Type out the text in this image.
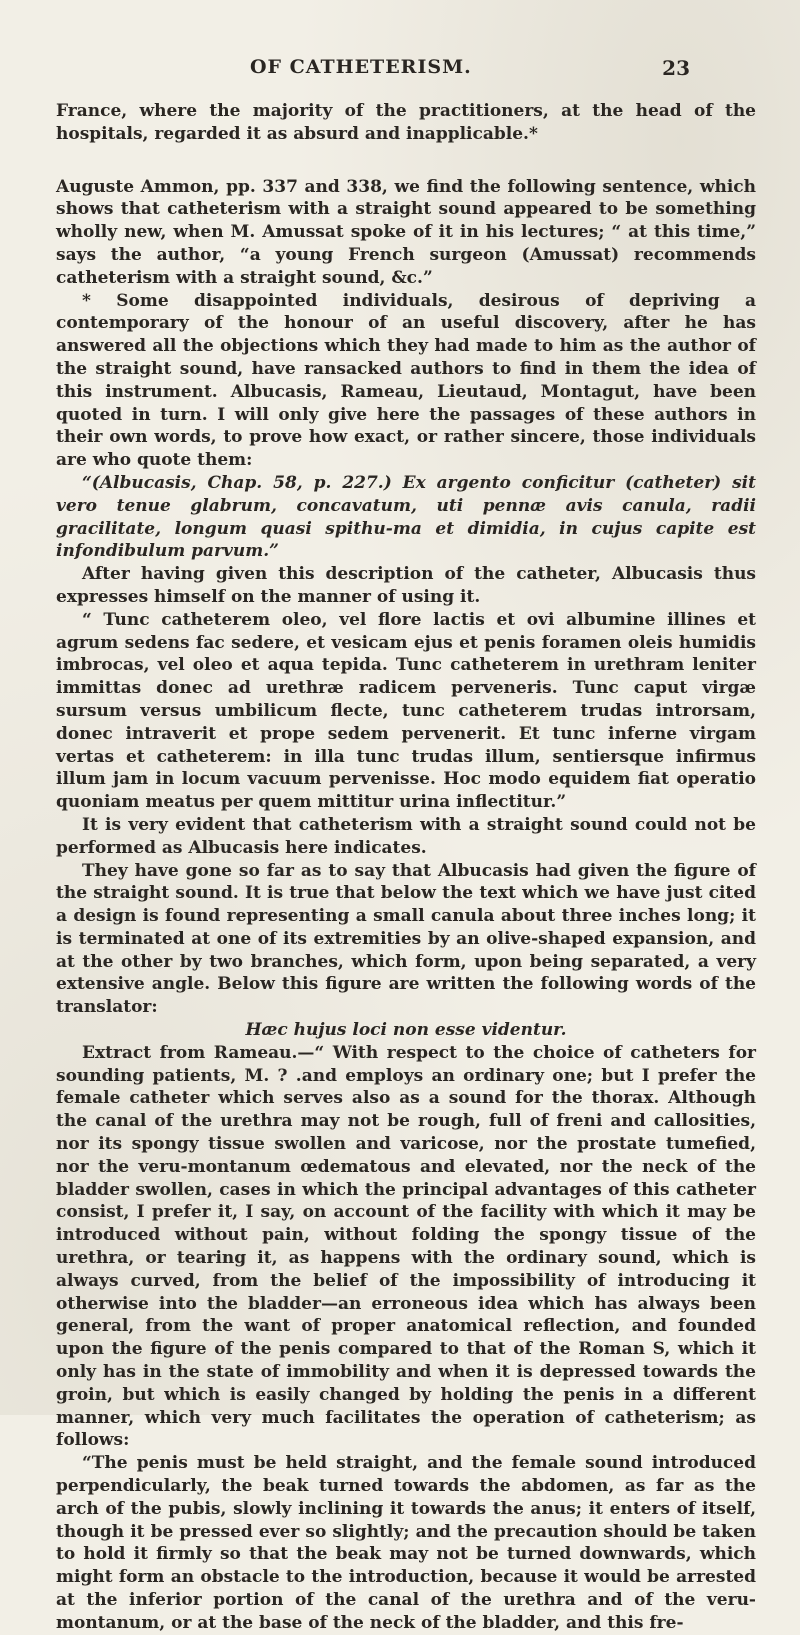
OF CATHETERISM.	23

France, where the majority of the practitioners, at the head of the hospitals, regarded it as absurd and inapplicable.*

Auguste Ammon, pp. 337 and 338, we find the following sentence, which shows that catheterism with a straight sound appeared to be something wholly new, when M. Amussat spoke of it in his lectures; “ at this time,” says the author, “a young French surgeon (Amussat) recommends catheterism with a straight sound, &c.”

* Some disappointed individuals, desirous of depriving a contemporary of the honour of an useful discovery, after he has answered all the objections which they had made to him as the author of the straight sound, have ransacked authors to find in them the idea of this instrument. Albucasis, Rameau, Lieutaud, Montagut, have been quoted in turn. I will only give here the passages of these authors in their own words, to prove how exact, or rather sincere, those individuals are who quote them:

“(Albucasis, Chap. 58, p. 227.) Ex argento conficitur (catheter) sit vero tenue glabrum, concavatum, uti pennæ avis canula, radii gracilitate, longum quasi spithu-ma et dimidia, in cujus capite est infondibulum parvum.”

After having given this description of the catheter, Albucasis thus expresses himself on the manner of using it.

“ Tunc catheterem oleo, vel flore lactis et ovi albumine illines et agrum sedens fac sedere, et vesicam ejus et penis foramen oleis humidis imbrocas, vel oleo et aqua tepida. Tunc catheterem in urethram leniter immittas donec ad urethræ radicem perveneris. Tunc caput virgæ sursum versus umbilicum flecte, tunc catheterem trudas introrsam, donec intraverit et prope sedem pervenerit. Et tunc inferne virgam vertas et catheterem: in illa tunc trudas illum, sentiersque infirmus illum jam in locum vacuum pervenisse. Hoc modo equidem fiat operatio quoniam meatus per quem mittitur urina inflectitur.”

It is very evident that catheterism with a straight sound could not be performed as Albucasis here indicates.

They have gone so far as to say that Albucasis had given the figure of the straight sound. It is true that below the text which we have just cited a design is found representing a small canula about three inches long; it is terminated at one of its extremities by an olive-shaped expansion, and at the other by two branches, which form, upon being separated, a very extensive angle. Below this figure are written the following words of the translator:

Hæc hujus loci non esse videntur.

Extract from Rameau.—“ With respect to the choice of catheters for sounding patients, M. ? .and employs an ordinary one; but I prefer the female catheter which serves also as a sound for the thorax. Although the canal of the urethra may not be rough, full of freni and callosities, nor its spongy tissue swollen and varicose, nor the prostate tumefied, nor the veru-montanum œdematous and elevated, nor the neck of the bladder swollen, cases in which the principal advantages of this catheter consist, I prefer it, I say, on account of the facility with which it may be introduced without pain, without folding the spongy tissue of the urethra, or tearing it, as happens with the ordinary sound, which is always curved, from the belief of the impossibility of introducing it otherwise into the bladder—an erroneous idea which has always been general, from the want of proper anatomical reflection, and founded upon the figure of the penis compared to that of the Roman S, which it only has in the state of immobility and when it is depressed towards the groin, but which is easily changed by holding the penis in a different manner, which very much facilitates the operation of catheterism; as follows:

“The penis must be held straight, and the female sound introduced perpendicularly, the beak turned towards the abdomen, as far as the arch of the pubis, slowly inclining it towards the anus; it enters of itself, though it be pressed ever so slightly; and the precaution should be taken to hold it firmly so that the beak may not be turned downwards, which might form an obstacle to the introduction, because it would be arrested at the inferior portion of the canal of the urethra and of the veru-montanum, or at the base of the neck of the bladder, and this fre-
